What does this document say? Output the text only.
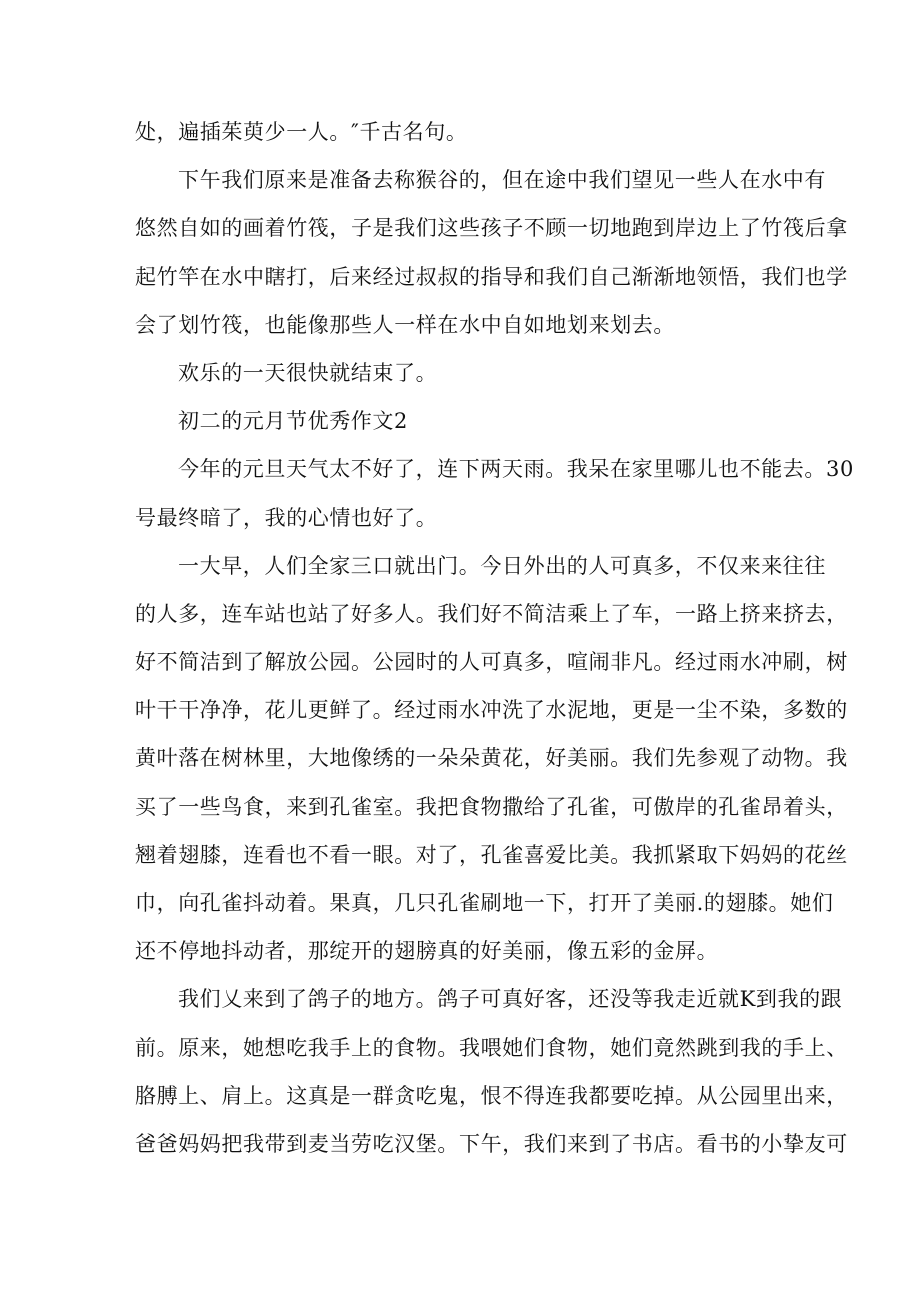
处，遍插茱萸少一人。″千古名句。
下午我们原来是准备去称猴谷的，但在途中我们望见一些人在水中有
悠然自如的画着竹筏，子是我们这些孩子不顾一切地跑到岸边上了竹筏后拿
起竹竿在水中瞎打，后来经过叔叔的指导和我们自己渐渐地领悟，我们也学
会了划竹筏，也能像那些人一样在水中自如地划来划去。
欢乐的一天很快就结束了。
初二的元月节优秀作文2
今年的元旦天气太不好了，连下两天雨。我呆在家里哪儿也不能去。30
号最终暗了，我的心情也好了。
一大早，人们全家三口就出门。今日外出的人可真多，不仅来来往往
的人多，连车站也站了好多人。我们好不简洁乘上了车，一路上挤来挤去，
好不简洁到了解放公园。公园时的人可真多，喧闹非凡。经过雨水冲刷，树
叶干干净净，花儿更鲜了。经过雨水冲洗了水泥地，更是一尘不染，多数的
黄叶落在树林里，大地像绣的一朵朵黄花，好美丽。我们先参观了动物。我
买了一些鸟食，来到孔雀室。我把食物撒给了孔雀，可傲岸的孔雀昂着头，
翘着翅膝，连看也不看一眼。对了，孔雀喜爱比美。我抓紧取下妈妈的花丝
巾，向孔雀抖动着。果真，几只孔雀刷地一下，打开了美丽.的翅膝。她们
还不停地抖动者，那绽开的翅膀真的好美丽，像五彩的金屏。
我们乂来到了鸽子的地方。鸽子可真好客，还没等我走近就K到我的跟
前。原来，她想吃我手上的食物。我喂她们食物，她们竟然跳到我的手上、
胳膊上、肩上。这真是一群贪吃鬼，恨不得连我都要吃掉。从公园里出来，
爸爸妈妈把我带到麦当劳吃汉堡。下午，我们来到了书店。看书的小挚友可
